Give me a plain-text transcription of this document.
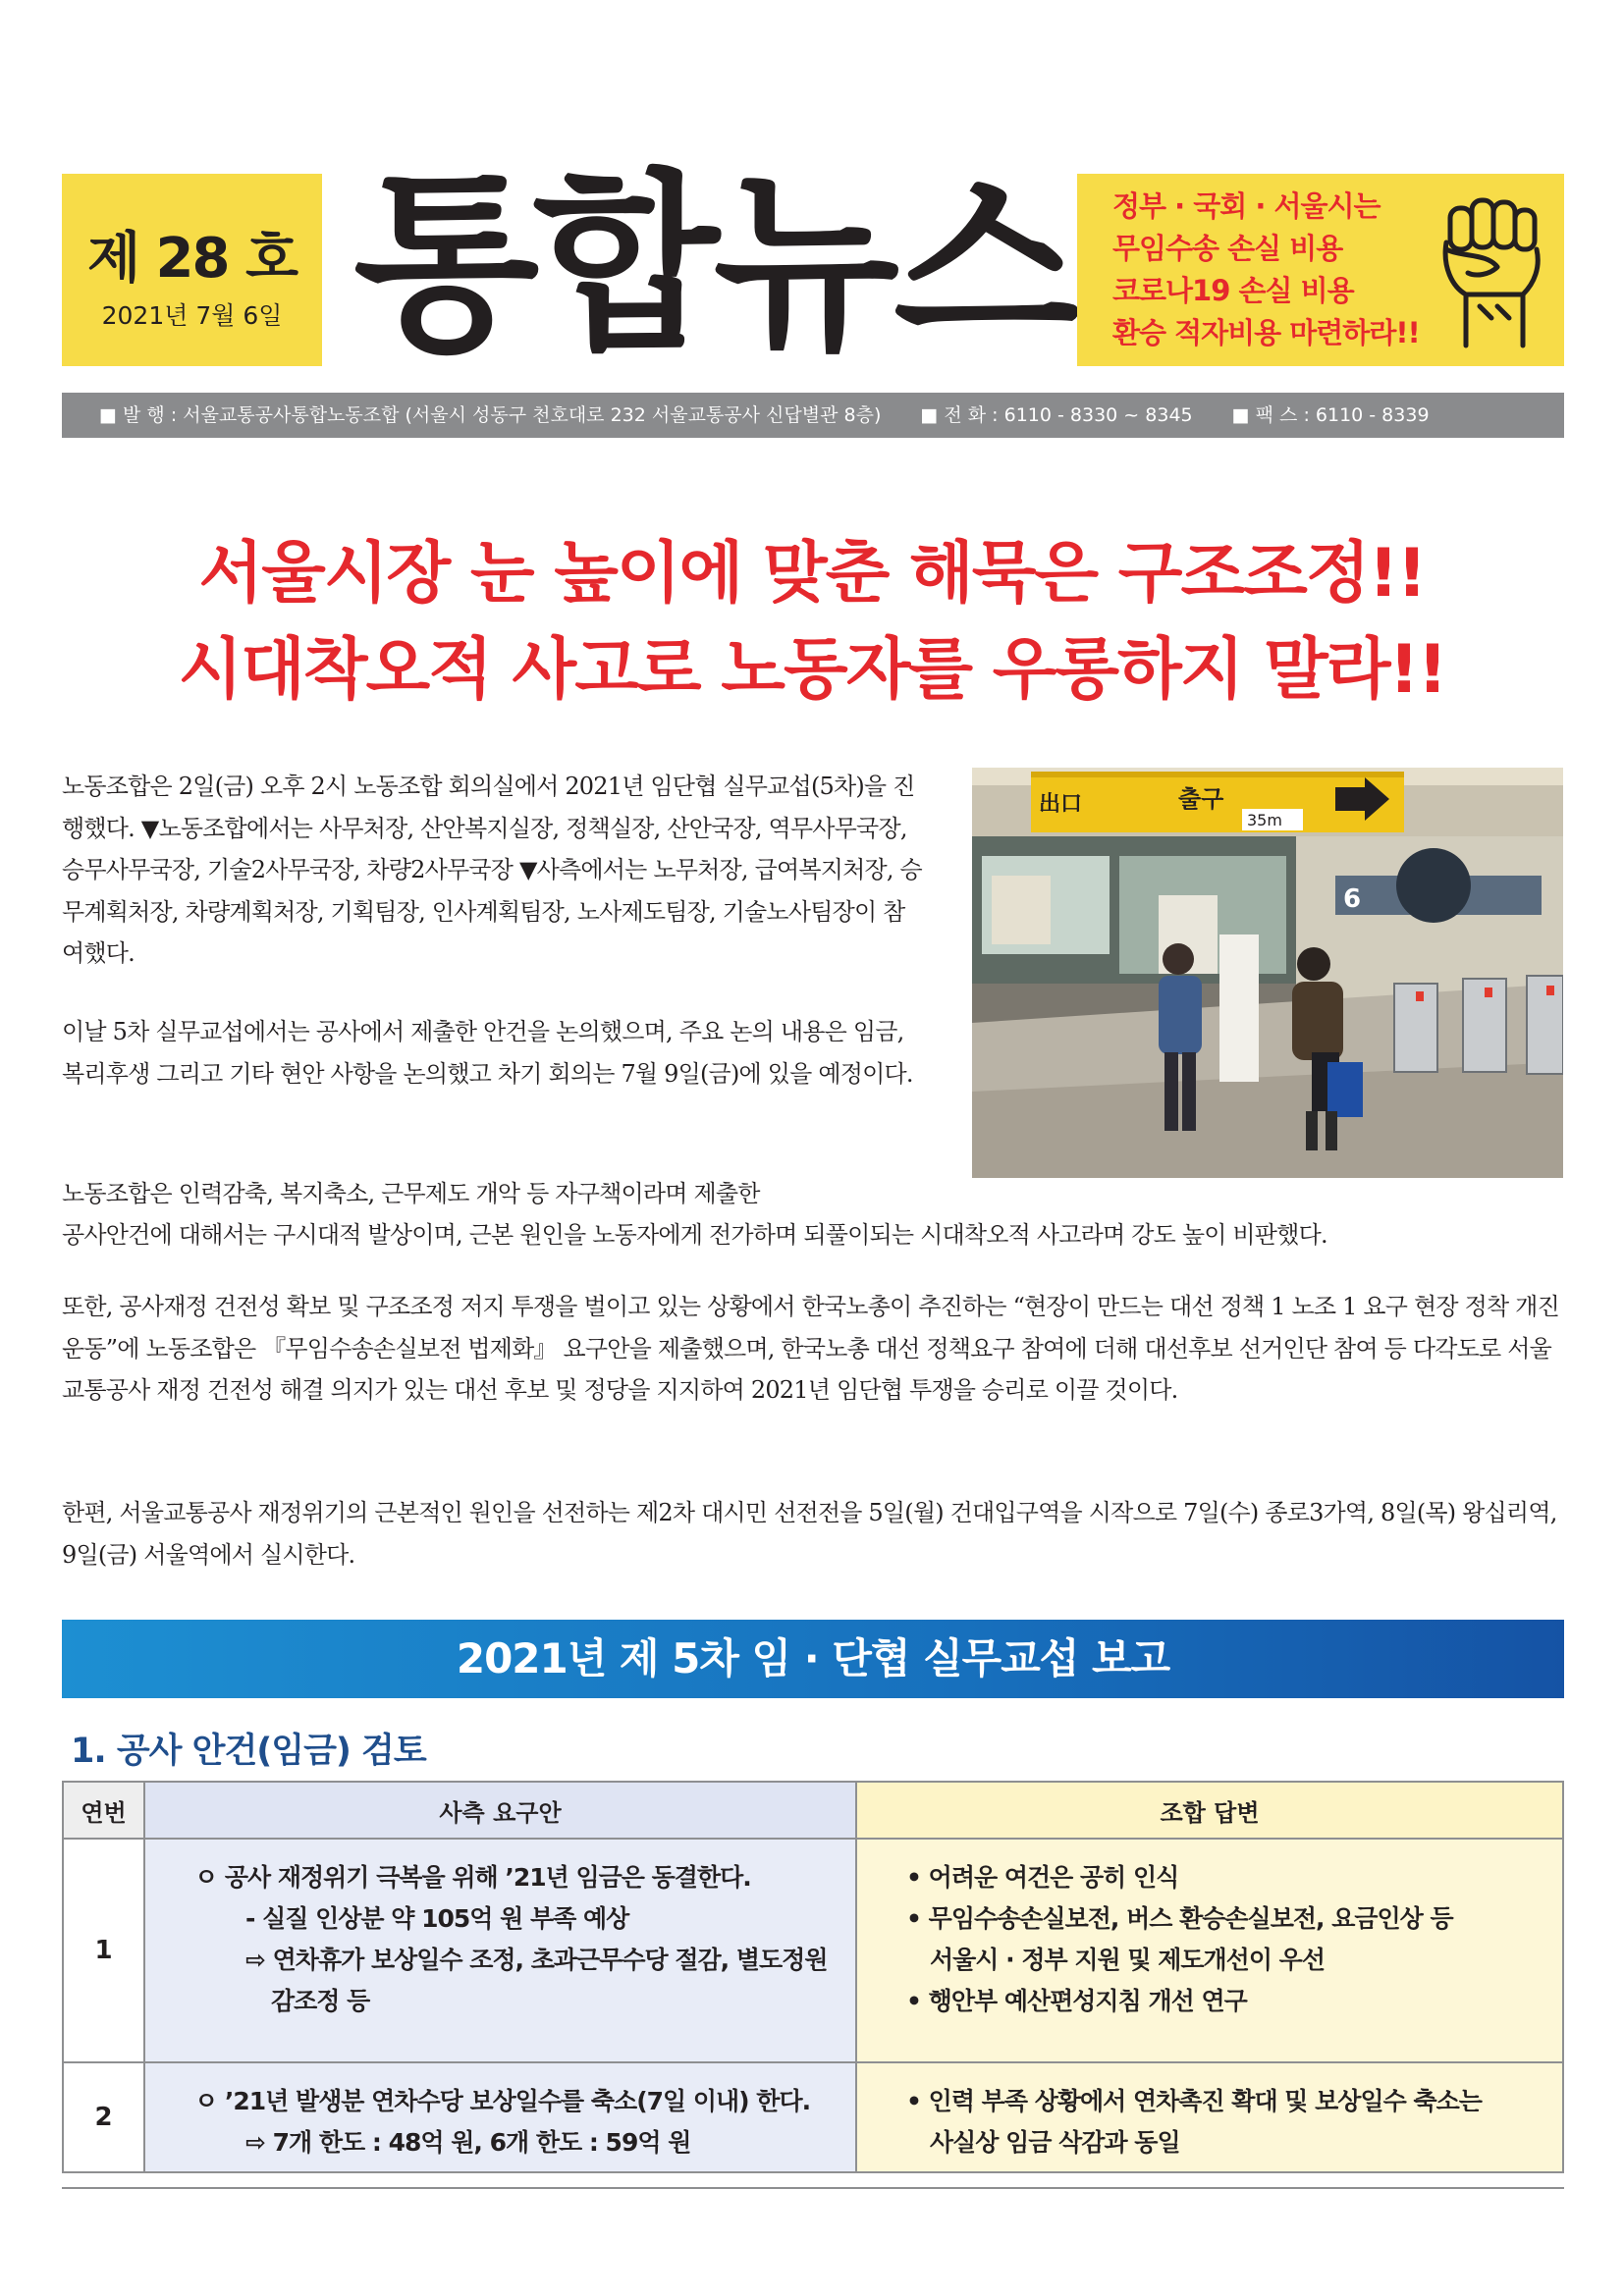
제 28 호
2021년 7월 6일 통합뉴스 정부 · 국회 · 서울시는
무임수송 손실 비용
코로나19 손실 비용
환승 적자비용 마련하라!!
■ 발 행 : 서울교통공사통합노동조합 (서울시 성동구 천호대로 232 서울교통공사 신답별관 8층) ■ 전 화 : 6110 - 8330 ~ 8345 ■ 팩 스 : 6110 - 8339
서울시장 눈 높이에 맞춘 해묵은 구조조정!!
시대착오적 사고로 노동자를 우롱하지 말라!!

노동조합은 2일(금) 오후 2시 노동조합 회의실에서 2021년 임단협 실무교섭(5차)을 진행했다. ▼노동조합에서는 사무처장, 산안복지실장, 정책실장, 산안국장, 역무사무국장, 승무사무국장, 기술2사무국장, 차량2사무국장 ▼사측에서는 노무처장, 급여복지처장, 승무계획처장, 차량계획처장, 기획팀장, 인사계획팀장, 노사제도팀장, 기술노사팀장이 참여했다.

이날 5차 실무교섭에서는 공사에서 제출한 안건을 논의했으며, 주요 논의 내용은 임금, 복리후생 그리고 기타 현안 사항을 논의했고 차기 회의는 7월 9일(금)에 있을 예정이다.

노동조합은 인력감축, 복지축소, 근무제도 개악 등 자구책이라며 제출한

공사안건에 대해서는 구시대적 발상이며, 근본 원인을 노동자에게 전가하며 되풀이되는 시대착오적 사고라며 강도 높이 비판했다.

또한, 공사재정 건전성 확보 및 구조조정 저지 투쟁을 벌이고 있는 상황에서 한국노총이 추진하는 “현장이 만드는 대선 정책 1 노조 1 요구 현장 정착 개진 운동”에 노동조합은 『무임수송손실보전 법제화』 요구안을 제출했으며, 한국노총 대선 정책요구 참여에 더해 대선후보 선거인단 참여 등 다각도로 서울교통공사 재정 건전성 해결 의지가 있는 대선 후보 및 정당을 지지하여 2021년 임단협 투쟁을 승리로 이끌 것이다.

한편, 서울교통공사 재정위기의 근본적인 원인을 선전하는 제2차 대시민 선전전을 5일(월) 건대입구역을 시작으로 7일(수) 종로3가역, 8일(목) 왕십리역, 9일(금) 서울역에서 실시한다.

出口	출구
35m
6
2021년 제 5차 임 · 단협 실무교섭 보고
1. 공사 안건(임금) 검토
연번	사측 요구안	조합 답변
1	ㅇ 공사 재정위기 극복을 위해 ’21년 임금은 동결한다.
- 실질 인상분 약 105억 원 부족 예상
⇨ 연차휴가 보상일수 조정, 초과근무수당 절감, 별도정원
감조정 등	• 어려운 여건은 공히 인식
• 무임수송손실보전, 버스 환승손실보전, 요금인상 등
서울시 · 정부 지원 및 제도개선이 우선
• 행안부 예산편성지침 개선 연구

2	ㅇ ’21년 발생분 연차수당 보상일수를 축소(7일 이내) 한다.
⇨ 7개 한도 : 48억 원, 6개 한도 : 59억 원	• 인력 부족 상황에서 연차촉진 확대 및 보상일수 축소는
사실상 임금 삭감과 동일
